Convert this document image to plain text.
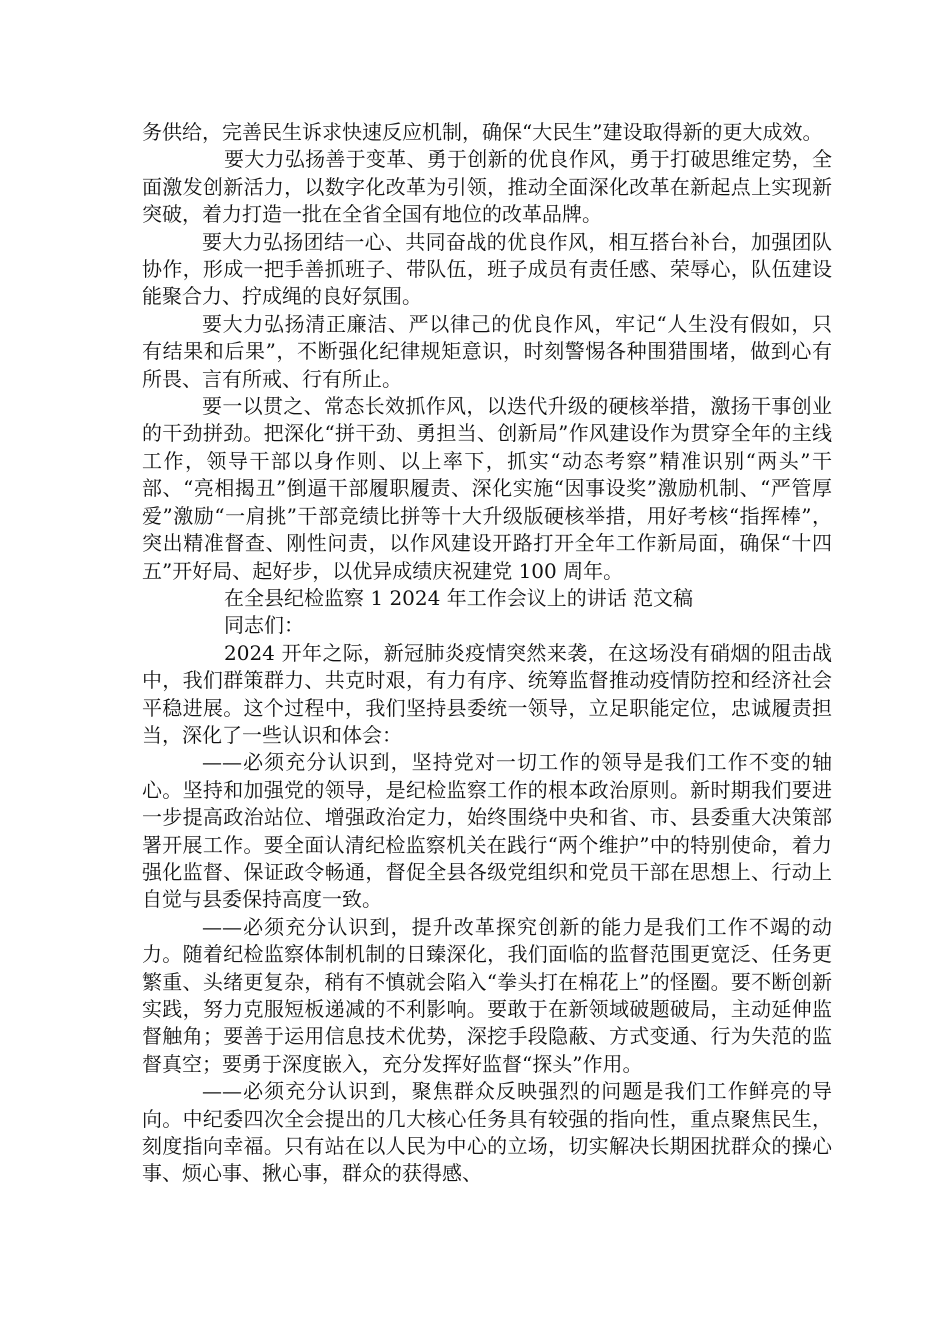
务供给，完善民生诉求快速反应机制，确保“大民生”建设取得新的更大成效。

要大力弘扬善于变革、勇于创新的优良作风，勇于打破思维定势，全面激发创新活力，以数字化改革为引领，推动全面深化改革在新起点上实现新突破，着力打造一批在全省全国有地位的改革品牌。

要大力弘扬团结一心、共同奋战的优良作风，相互搭台补台，加强团队协作，形成一把手善抓班子、带队伍，班子成员有责任感、荣辱心，队伍建设能聚合力、拧成绳的良好氛围。

要大力弘扬清正廉洁、严以律己的优良作风，牢记“人生没有假如，只有结果和后果”，不断强化纪律规矩意识，时刻警惕各种围猎围堵，做到心有所畏、言有所戒、行有所止。

要一以贯之、常态长效抓作风，以迭代升级的硬核举措，激扬干事创业的干劲拼劲。把深化“拼干劲、勇担当、创新局”作风建设作为贯穿全年的主线工作，领导干部以身作则、以上率下，抓实“动态考察”精准识别“两头”干部、“亮相揭丑”倒逼干部履职履责、深化实施“因事设奖”激励机制、“严管厚爱”激励“一肩挑”干部竞绩比拼等十大升级版硬核举措，用好考核“指挥棒”，突出精准督查、刚性问责，以作风建设开路打开全年工作新局面，确保“十四五”开好局、起好步，以优异成绩庆祝建党 100 周年。

在全县纪检监察 1 2024 年工作会议上的讲话 范文稿

同志们：

2024 开年之际，新冠肺炎疫情突然来袭，在这场没有硝烟的阻击战中，我们群策群力、共克时艰，有力有序、统筹监督推动疫情防控和经济社会平稳进展。这个过程中，我们坚持县委统一领导，立足职能定位，忠诚履责担当，深化了一些认识和体会：

——必须充分认识到，坚持党对一切工作的领导是我们工作不变的轴心。坚持和加强党的领导，是纪检监察工作的根本政治原则。新时期我们要进一步提高政治站位、增强政治定力，始终围绕中央和省、市、县委重大决策部署开展工作。要全面认清纪检监察机关在践行“两个维护”中的特别使命，着力强化监督、保证政令畅通，督促全县各级党组织和党员干部在思想上、行动上自觉与县委保持高度一致。

——必须充分认识到，提升改革探究创新的能力是我们工作不竭的动力。随着纪检监察体制机制的日臻深化，我们面临的监督范围更宽泛、任务更繁重、头绪更复杂，稍有不慎就会陷入“拳头打在棉花上”的怪圈。要不断创新实践，努力克服短板递减的不利影响。要敢于在新领域破题破局，主动延伸监督触角；要善于运用信息技术优势，深挖手段隐蔽、方式变通、行为失范的监督真空；要勇于深度嵌入，充分发挥好监督“探头”作用。

——必须充分认识到，聚焦群众反映强烈的问题是我们工作鲜亮的导向。中纪委四次全会提出的几大核心任务具有较强的指向性，重点聚焦民生，刻度指向幸福。只有站在以人民为中心的立场，切实解决长期困扰群众的操心事、烦心事、揪心事，群众的获得感、
